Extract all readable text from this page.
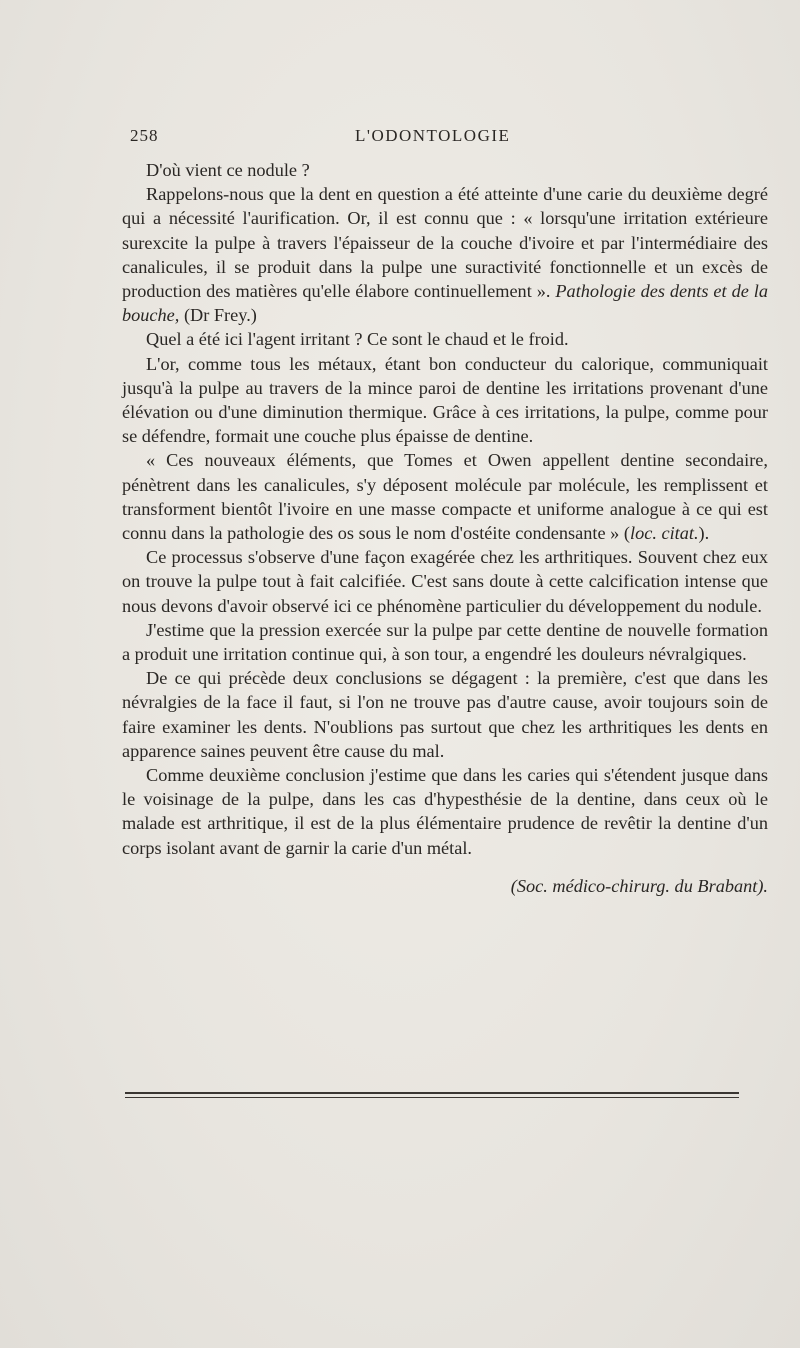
258	L'ODONTOLOGIE

D'où vient ce nodule ?

Rappelons-nous que la dent en question a été atteinte d'une carie du deuxième degré qui a nécessité l'aurification. Or, il est connu que : « lorsqu'une irritation extérieure surexcite la pulpe à travers l'épaisseur de la couche d'ivoire et par l'intermédiaire des canalicules, il se produit dans la pulpe une suractivité fonctionnelle et un excès de production des matières qu'elle élabore continuellement ». Pathologie des dents et de la bouche, (Dr Frey.)

Quel a été ici l'agent irritant ? Ce sont le chaud et le froid.

L'or, comme tous les métaux, étant bon conducteur du calorique, communiquait jusqu'à la pulpe au travers de la mince paroi de dentine les irritations provenant d'une élévation ou d'une diminution thermique. Grâce à ces irritations, la pulpe, comme pour se défendre, formait une couche plus épaisse de dentine.

« Ces nouveaux éléments, que Tomes et Owen appellent dentine secondaire, pénètrent dans les canalicules, s'y déposent molécule par molécule, les remplissent et transforment bientôt l'ivoire en une masse compacte et uniforme analogue à ce qui est connu dans la pathologie des os sous le nom d'ostéite condensante » (loc. citat.).

Ce processus s'observe d'une façon exagérée chez les arthritiques. Souvent chez eux on trouve la pulpe tout à fait calcifiée. C'est sans doute à cette calcification intense que nous devons d'avoir observé ici ce phénomène particulier du développement du nodule.

J'estime que la pression exercée sur la pulpe par cette dentine de nouvelle formation a produit une irritation continue qui, à son tour, a engendré les douleurs névralgiques.

De ce qui précède deux conclusions se dégagent : la première, c'est que dans les névralgies de la face il faut, si l'on ne trouve pas d'autre cause, avoir toujours soin de faire examiner les dents. N'oublions pas surtout que chez les arthritiques les dents en apparence saines peuvent être cause du mal.

Comme deuxième conclusion j'estime que dans les caries qui s'étendent jusque dans le voisinage de la pulpe, dans les cas d'hypesthésie de la dentine, dans ceux où le malade est arthritique, il est de la plus élémentaire prudence de revêtir la dentine d'un corps isolant avant de garnir la carie d'un métal.

(Soc. médico-chirurg. du Brabant).
